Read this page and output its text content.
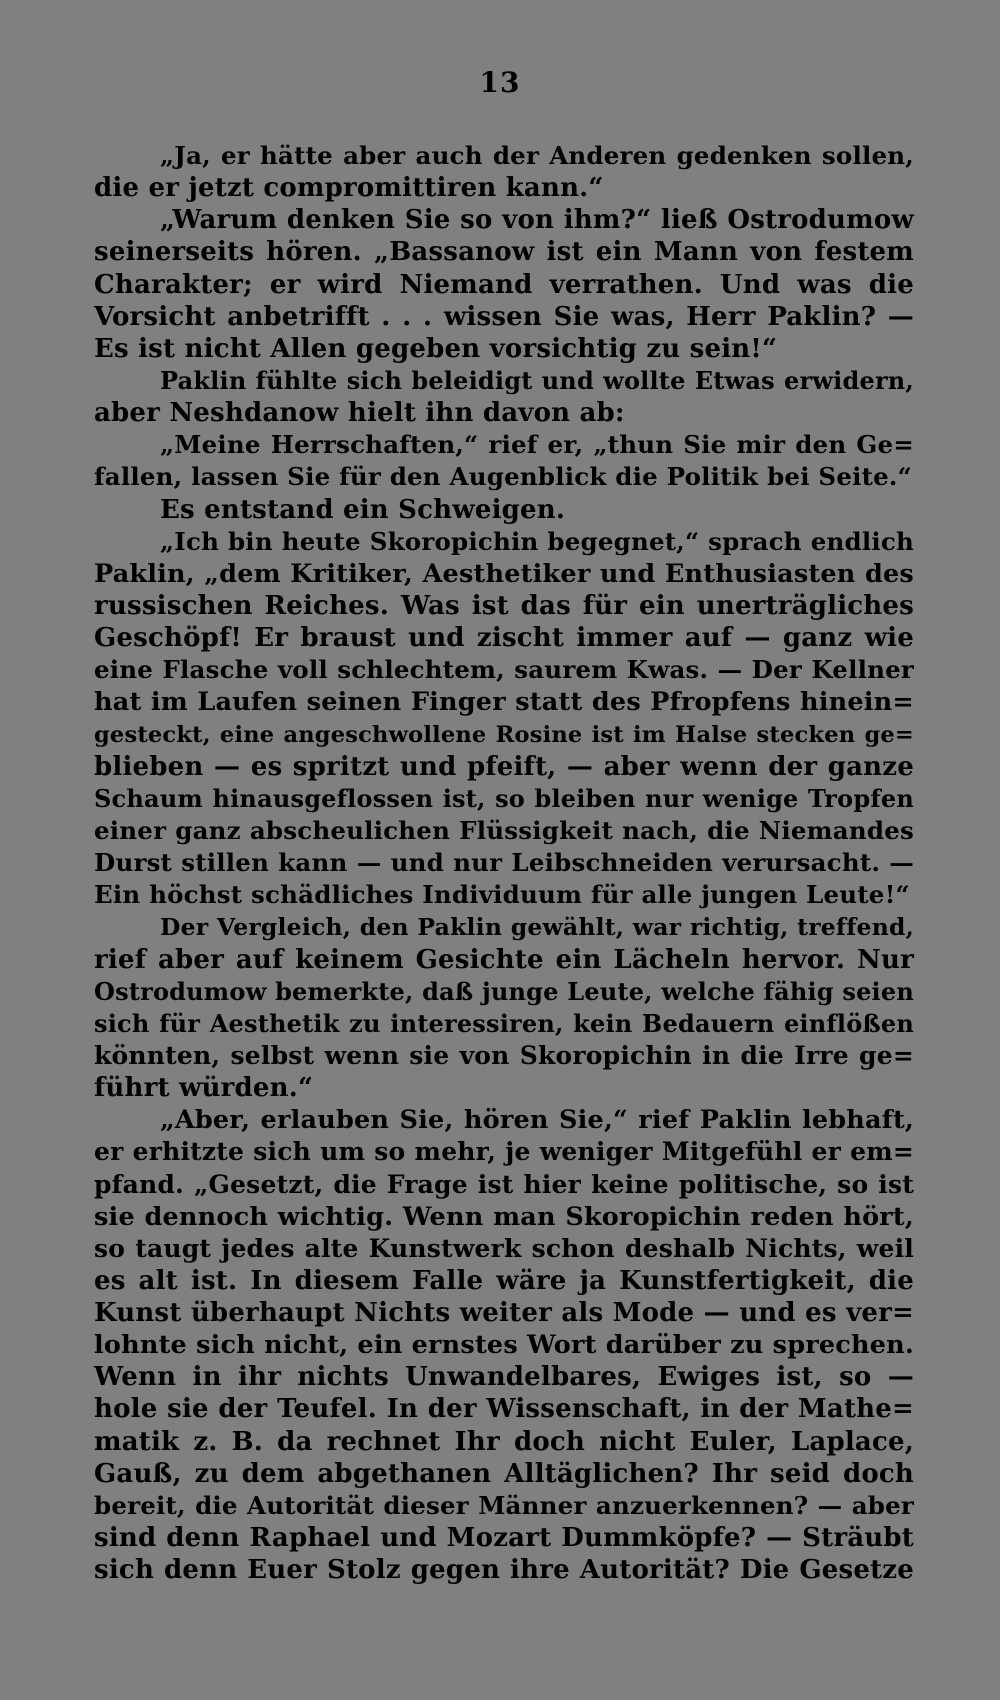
13
„Ja, er hätte aber auch der Anderen gedenken sollen,
die er jetzt compromittiren kann.“
„Warum denken Sie so von ihm?“ ließ Ostrodumow
seinerseits hören. „Bassanow ist ein Mann von festem
Charakter; er wird Niemand verrathen. Und was die
Vorsicht anbetrifft . . . wissen Sie was, Herr Paklin? —
Es ist nicht Allen gegeben vorsichtig zu sein!“
Paklin fühlte sich beleidigt und wollte Etwas erwidern,
aber Neshdanow hielt ihn davon ab:
„Meine Herrschaften,“ rief er, „thun Sie mir den Ge=
fallen, lassen Sie für den Augenblick die Politik bei Seite.“
Es entstand ein Schweigen.
„Ich bin heute Skoropichin begegnet,“ sprach endlich
Paklin, „dem Kritiker, Aesthetiker und Enthusiasten des
russischen Reiches. Was ist das für ein unerträgliches
Geschöpf! Er braust und zischt immer auf — ganz wie
eine Flasche voll schlechtem, saurem Kwas. — Der Kellner
hat im Laufen seinen Finger statt des Pfropfens hinein=
gesteckt, eine angeschwollene Rosine ist im Halse stecken ge=
blieben — es spritzt und pfeift, — aber wenn der ganze
Schaum hinausgeflossen ist, so bleiben nur wenige Tropfen
einer ganz abscheulichen Flüssigkeit nach, die Niemandes
Durst stillen kann — und nur Leibschneiden verursacht. —
Ein höchst schädliches Individuum für alle jungen Leute!“
Der Vergleich, den Paklin gewählt, war richtig, treffend,
rief aber auf keinem Gesichte ein Lächeln hervor. Nur
Ostrodumow bemerkte, daß junge Leute, welche fähig seien
sich für Aesthetik zu interessiren, kein Bedauern einflößen
könnten, selbst wenn sie von Skoropichin in die Irre ge=
führt würden.“
„Aber, erlauben Sie, hören Sie,“ rief Paklin lebhaft,
er erhitzte sich um so mehr, je weniger Mitgefühl er em=
pfand. „Gesetzt, die Frage ist hier keine politische, so ist
sie dennoch wichtig. Wenn man Skoropichin reden hört,
so taugt jedes alte Kunstwerk schon deshalb Nichts, weil
es alt ist. In diesem Falle wäre ja Kunstfertigkeit, die
Kunst überhaupt Nichts weiter als Mode — und es ver=
lohnte sich nicht, ein ernstes Wort darüber zu sprechen.
Wenn in ihr nichts Unwandelbares, Ewiges ist, so —
hole sie der Teufel. In der Wissenschaft, in der Mathe=
matik z. B. da rechnet Ihr doch nicht Euler, Laplace,
Gauß, zu dem abgethanen Alltäglichen? Ihr seid doch
bereit, die Autorität dieser Männer anzuerkennen? — aber
sind denn Raphael und Mozart Dummköpfe? — Sträubt
sich denn Euer Stolz gegen ihre Autorität? Die Gesetze
